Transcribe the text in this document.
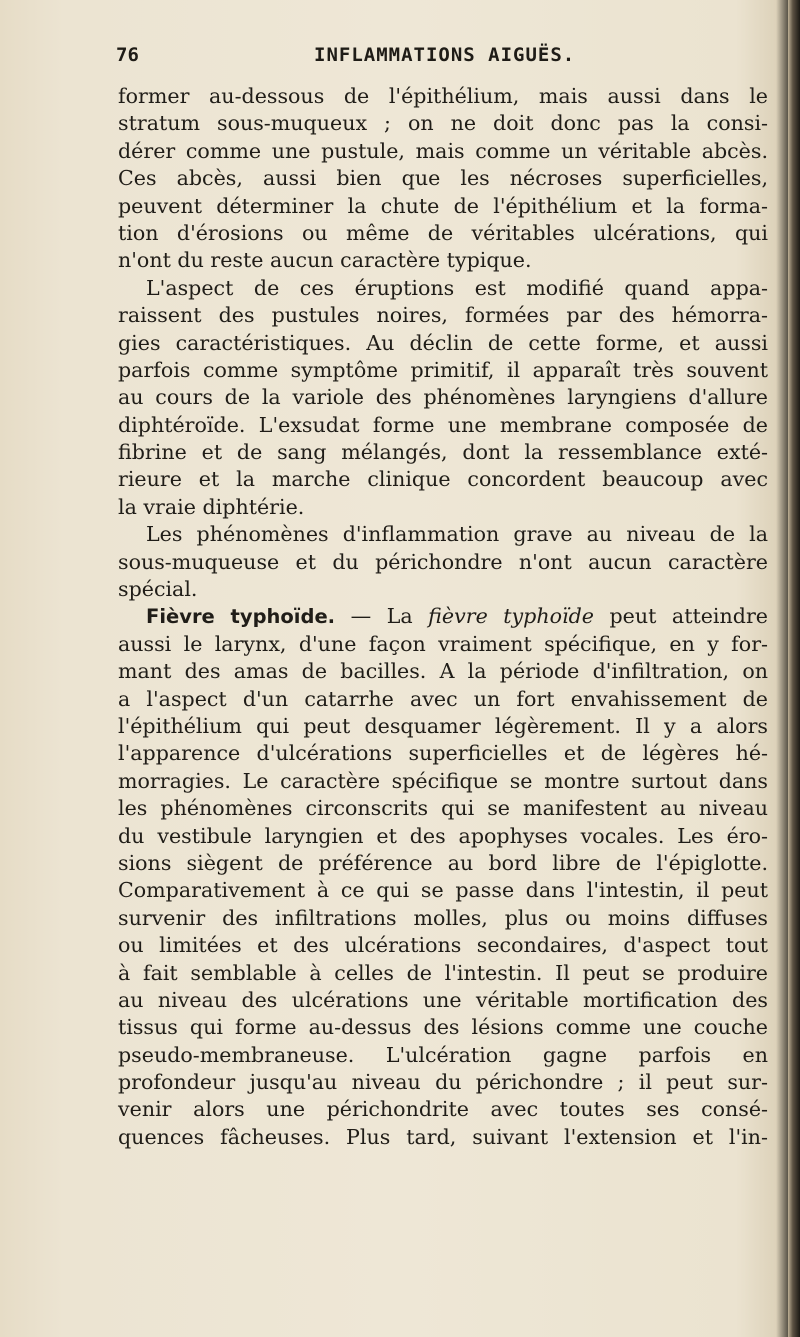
76	INFLAMMATIONS AIGUËS.
former au-dessous de l'épithélium, mais aussi dans le
stratum sous-muqueux ; on ne doit donc pas la consi-
dérer comme une pustule, mais comme un véritable abcès.
Ces abcès, aussi bien que les nécroses superficielles,
peuvent déterminer la chute de l'épithélium et la forma-
tion d'érosions ou même de véritables ulcérations, qui
n'ont du reste aucun caractère typique.
L'aspect de ces éruptions est modifié quand appa-
raissent des pustules noires, formées par des hémorra-
gies caractéristiques. Au déclin de cette forme, et aussi
parfois comme symptôme primitif, il apparaît très souvent
au cours de la variole des phénomènes laryngiens d'allure
diphtéroïde. L'exsudat forme une membrane composée de
fibrine et de sang mélangés, dont la ressemblance exté-
rieure et la marche clinique concordent beaucoup avec
la vraie diphtérie.
Les phénomènes d'inflammation grave au niveau de la
sous-muqueuse et du périchondre n'ont aucun caractère
spécial.
Fièvre typhoïde. — La fièvre typhoïde peut atteindre
aussi le larynx, d'une façon vraiment spécifique, en y for-
mant des amas de bacilles. A la période d'infiltration, on
a l'aspect d'un catarrhe avec un fort envahissement de
l'épithélium qui peut desquamer légèrement. Il y a alors
l'apparence d'ulcérations superficielles et de légères hé-
morragies. Le caractère spécifique se montre surtout dans
les phénomènes circonscrits qui se manifestent au niveau
du vestibule laryngien et des apophyses vocales. Les éro-
sions siègent de préférence au bord libre de l'épiglotte.
Comparativement à ce qui se passe dans l'intestin, il peut
survenir des infiltrations molles, plus ou moins diffuses
ou limitées et des ulcérations secondaires, d'aspect tout
à fait semblable à celles de l'intestin. Il peut se produire
au niveau des ulcérations une véritable mortification des
tissus qui forme au-dessus des lésions comme une couche
pseudo-membraneuse. L'ulcération gagne parfois en
profondeur jusqu'au niveau du périchondre ; il peut sur-
venir alors une périchondrite avec toutes ses consé-
quences fâcheuses. Plus tard, suivant l'extension et l'in-
